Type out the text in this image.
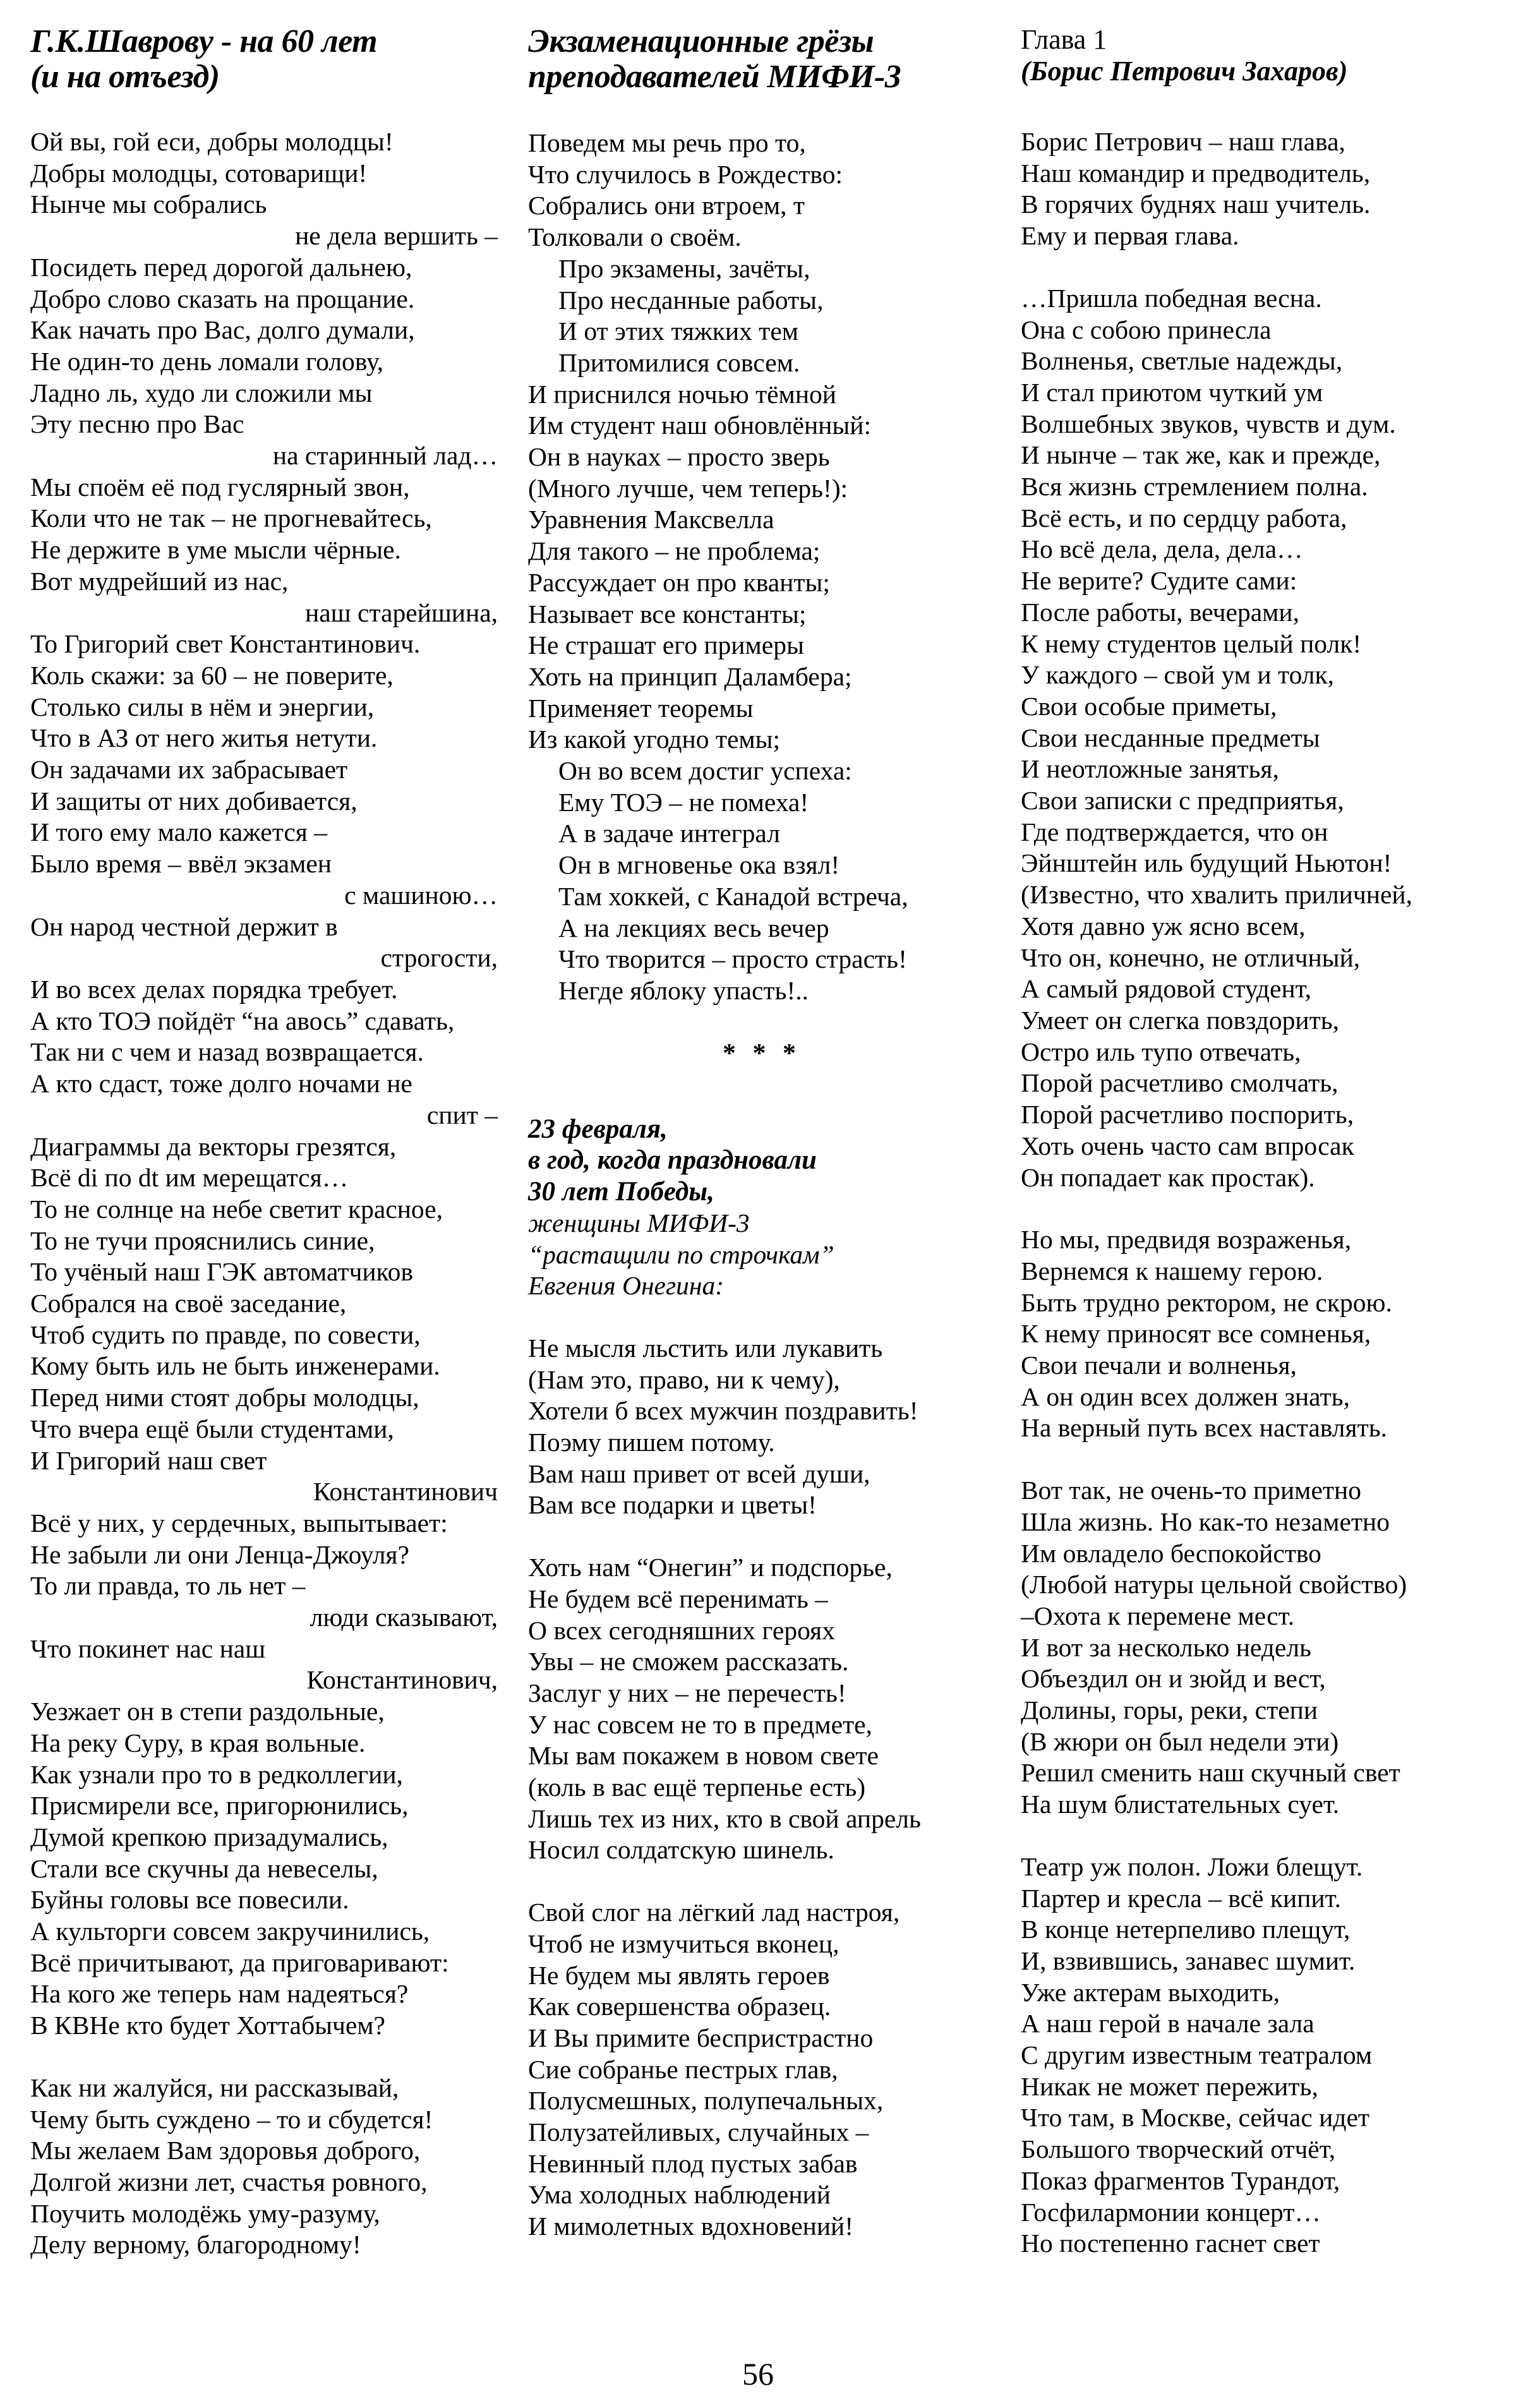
Г.К.Шаврову - на 60 лет
(и на отъезд)
Ой вы, гой еси, добры молодцы!
Добры молодцы, сотоварищи!
Нынче мы собрались
не дела вершить –
Посидеть перед дорогой дальнею,
Добро слово сказать на прощание.
Как начать про Вас, долго думали,
Не один-то день ломали голову,
Ладно ль, худо ли сложили мы
Эту песню про Вас
на старинный лад…
Мы споём её под гуслярный звон,
Коли что не так – не прогневайтесь,
Не держите в уме мысли чёрные.
Вот мудрейший из нас,
наш старейшина,
То Григорий свет Константинович.
Коль скажи: за 60 – не поверите,
Столько силы в нём и энергии,
Что в АЗ от него житья нетути.
Он задачами их забрасывает
И защиты от них добивается,
И того ему мало кажется –
Было время – ввёл экзамен
с машиною…
Он народ честной держит в
строгости,
И во всех делах порядка требует.
А кто ТОЭ пойдёт “на авось” сдавать,
Так ни с чем и назад возвращается.
А кто сдаст, тоже долго ночами не
спит –
Диаграммы да векторы грезятся,
Всё di по dt им мерещатся…
То не солнце на небе светит красное,
То не тучи прояснились синие,
То учёный наш ГЭК автоматчиков
Собрался на своё заседание,
Чтоб судить по правде, по совести,
Кому быть иль не быть инженерами.
Перед ними стоят добры молодцы,
Что вчера ещё были студентами,
И Григорий наш свет
Константинович
Всё у них, у сердечных, выпытывает:
Не забыли ли они Ленца-Джоуля?
То ли правда, то ль нет –
люди сказывают,
Что покинет нас наш
Константинович,
Уезжает он в степи раздольные,
На реку Суру, в края вольные.
Как узнали про то в редколлегии,
Присмирели все, пригорюнились,
Думой крепкою призадумались,
Стали все скучны да невеселы,
Буйны головы все повесили.
А культорги совсем закручинились,
Всё причитывают, да приговаривают:
На кого же теперь нам надеяться?
В КВНе кто будет Хоттабычем?
Как ни жалуйся, ни рассказывай,
Чему быть суждено – то и сбудется!
Мы желаем Вам здоровья доброго,
Долгой жизни лет, счастья ровного,
Поучить молодёжь уму-разуму,
Делу верному, благородному!
Экзаменационные грёзы
преподавателей МИФИ-3
Поведем мы речь про то,
Что случилось в Рождество:
Собрались они втроем, т
Толковали о своём.
Про экзамены, зачёты,
Про несданные работы,
И от этих тяжких тем
Притомилися совсем.
И приснился ночью тёмной
Им студент наш обновлённый:
Он в науках – просто зверь
(Много лучше, чем теперь!):
Уравнения Максвелла
Для такого – не проблема;
Рассуждает он про кванты;
Называет все константы;
Не страшат его примеры
Хоть на принцип Даламбера;
Применяет теоремы
Из какой угодно темы;
Он во всем достиг успеха:
Ему ТОЭ – не помеха!
А в задаче интеграл
Он в мгновенье ока взял!
Там хоккей, с Канадой встреча,
А на лекциях весь вечер
Что творится – просто страсть!
Негде яблоку упасть!..
* * *
23 февраля,
в год, когда праздновали
30 лет Победы,
женщины МИФИ-3
“растащили по строчкам”
Евгения Онегина:
Не мысля льстить или лукавить
(Нам это, право, ни к чему),
Хотели б всех мужчин поздравить!
Поэму пишем потому.
Вам наш привет от всей души,
Вам все подарки и цветы!
Хоть нам “Онегин” и подспорье,
Не будем всё перенимать –
О всех сегодняшних героях
Увы – не сможем рассказать.
Заслуг у них – не перечесть!
У нас совсем не то в предмете,
Мы вам покажем в новом свете
(коль в вас ещё терпенье есть)
Лишь тех из них, кто в свой апрель
Носил солдатскую шинель.
Свой слог на лёгкий лад настроя,
Чтоб не измучиться вконец,
Не будем мы являть героев
Как совершенства образец.
И Вы примите беспристрастно
Сие собранье пестрых глав,
Полусмешных, полупечальных,
Полузатейливых, случайных –
Невинный плод пустых забав
Ума холодных наблюдений
И мимолетных вдохновений!
Глава 1
(Борис Петрович Захаров)
Борис Петрович – наш глава,
Наш командир и предводитель,
В горячих буднях наш учитель.
Ему и первая глава.
…Пришла победная весна.
Она с собою принесла
Волненья, светлые надежды,
И стал приютом чуткий ум
Волшебных звуков, чувств и дум.
И нынче – так же, как и прежде,
Вся жизнь стремлением полна.
Всё есть, и по сердцу работа,
Но всё дела, дела, дела…
Не верите? Судите сами:
После работы, вечерами,
К нему студентов целый полк!
У каждого – свой ум и толк,
Свои особые приметы,
Свои несданные предметы
И неотложные занятья,
Свои записки с предприятья,
Где подтверждается, что он
Эйнштейн иль будущий Ньютон!
(Известно, что хвалить приличней,
Хотя давно уж ясно всем,
Что он, конечно, не отличный,
А самый рядовой студент,
Умеет он слегка повздорить,
Остро иль тупо отвечать,
Порой расчетливо смолчать,
Порой расчетливо поспорить,
Хоть очень часто сам впросак
Он попадает как простак).
Но мы, предвидя возраженья,
Вернемся к нашему герою.
Быть трудно ректором, не скрою.
К нему приносят все сомненья,
Свои печали и волненья,
А он один всех должен знать,
На верный путь всех наставлять.
Вот так, не очень-то приметно
Шла жизнь. Но как-то незаметно
Им овладело беспокойство
(Любой натуры цельной свойство)
–Охота к перемене мест.
И вот за несколько недель
Объездил он и зюйд и вест,
Долины, горы, реки, степи
(В жюри он был недели эти)
Решил сменить наш скучный свет
На шум блистательных сует.
Театр уж полон. Ложи блещут.
Партер и кресла – всё кипит.
В конце нетерпеливо плещут,
И, взвившись, занавес шумит.
Уже актерам выходить,
А наш герой в начале зала
С другим известным театралом
Никак не может пережить,
Что там, в Москве, сейчас идет
Большого творческий отчёт,
Показ фрагментов Турандот,
Госфилармонии концерт…
Но постепенно гаснет свет
56
